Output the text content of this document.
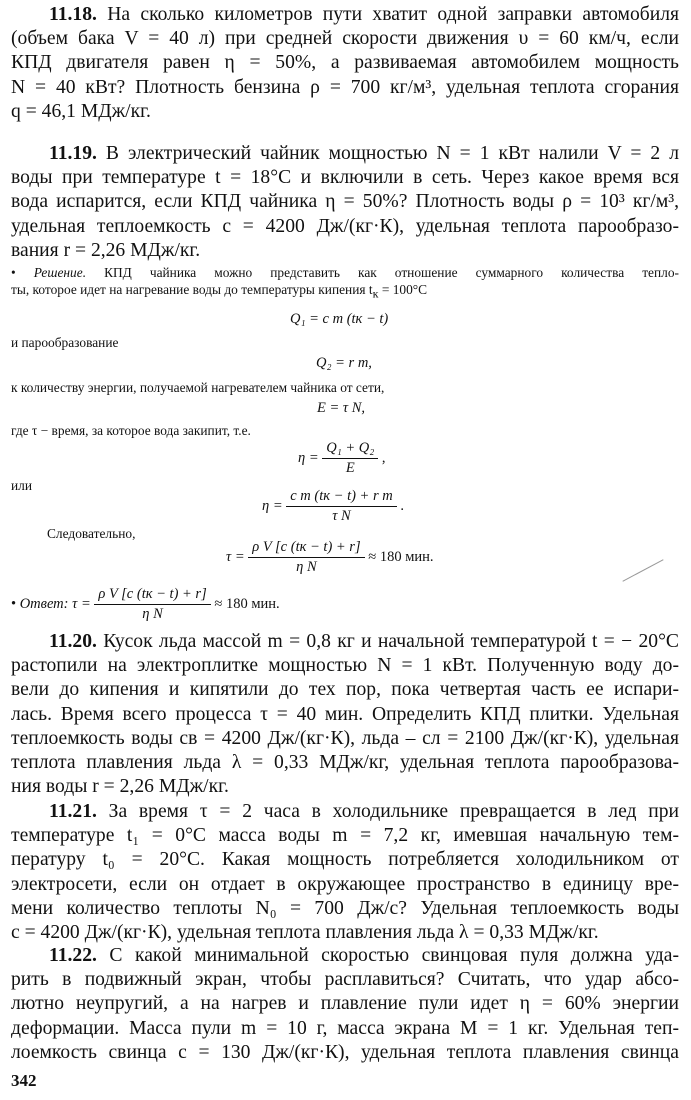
11.18. На сколько километров пути хватит одной заправки автомобиля
(объем бака V = 40 л) при средней скорости движения υ = 60 км/ч, если
КПД двигателя равен η = 50%, а развиваемая автомобилем мощность
N = 40 кВт? Плотность бензина ρ = 700 кг/м³, удельная теплота сгорания
q = 46,1 МДж/кг.
11.19. В электрический чайник мощностью N = 1 кВт налили V = 2 л
воды при температуре t = 18°С и включили в сеть. Через какое время вся
вода испарится, если КПД чайника η = 50%? Плотность воды ρ = 10³ кг/м³,
удельная теплоемкость c = 4200 Дж/(кг·К), удельная теплота парообразо-
вания r = 2,26 МДж/кг.
• Решение. КПД чайника можно представить как отношение суммарного количества тепло-
ты, которое идет на нагревание воды до температуры кипения $t_к = 100^\circ C$
Q₁ = c m (tк − t)
и парообразование
Q₂ = r m,
к количеству энергии, получаемой нагревателем чайника от сети,
E = τ N,
где τ − время, за которое вода закипит, т.е.
$\eta = \frac{\text{Q₁ + Q₂}}{E}$ ,
или
η =
c m (tк − t) + r m
τ N
.
Следовательно,
τ =
ρ V [c (tк − t) + r]
η N
≈ 180 мин.
• Ответ: τ =
ρ V [c (tк − t) + r]
η N
≈ 180 мин.
11.20. Кусок льда массой m = 0,8 кг и начальной температурой t = − 20°С
растопили на электроплитке мощностью N = 1 кВт. Полученную воду до-
вели до кипения и кипятили до тех пор, пока четвертая часть ее испари-
лась. Время всего процесса τ = 40 мин. Определить КПД плитки. Удельная
теплоемкость воды cв = 4200 Дж/(кг·К), льда – cл = 2100 Дж/(кг·К), удельная
теплота плавления льда λ = 0,33 МДж/кг, удельная теплота парообразова-
ния воды r = 2,26 МДж/кг.
11.21. За время τ = 2 часа в холодильнике превращается в лед при
температуре t₁ = 0°С масса воды m = 7,2 кг, имевшая начальную тем-
пературу t₀ = 20°С. Какая мощность потребляется холодильником от
электросети, если он отдает в окружающее пространство в единицу вре-
мени количество теплоты N₀ = 700 Дж/с? Удельная теплоемкость воды
c = 4200 Дж/(кг·К), удельная теплота плавления льда λ = 0,33 МДж/кг.
11.22. С какой минимальной скоростью свинцовая пуля должна уда-
рить в подвижный экран, чтобы расплавиться? Считать, что удар абсо-
лютно неупругий, а на нагрев и плавление пули идет η = 60% энергии
деформации. Масса пули m = 10 г, масса экрана M = 1 кг. Удельная теп-
лоемкость свинца c = 130 Дж/(кг·К), удельная теплота плавления свинца
342
